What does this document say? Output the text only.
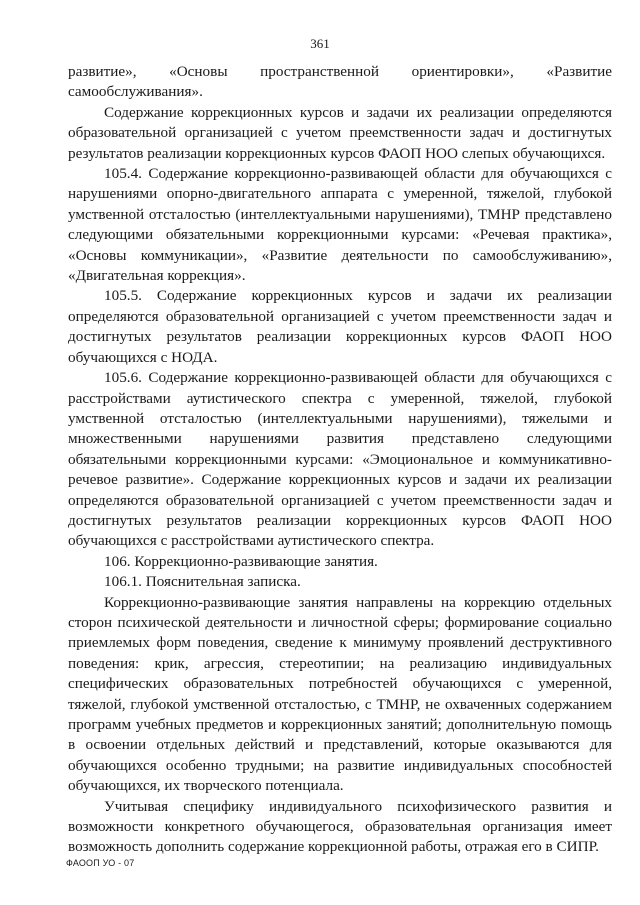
361

развитие», «Основы пространственной ориентировки», «Развитие самообслуживания».

Содержание коррекционных курсов и задачи их реализации определяются образовательной организацией с учетом преемственности задач и достигнутых результатов реализации коррекционных курсов ФАОП НОО слепых обучающихся.

105.4. Содержание коррекционно-развивающей области для обучающихся с нарушениями опорно-двигательного аппарата с умеренной, тяжелой, глубокой умственной отсталостью (интеллектуальными нарушениями), ТМНР представлено следующими обязательными коррекционными курсами: «Речевая практика», «Основы коммуникации», «Развитие деятельности по самообслуживанию», «Двигательная коррекция».

105.5. Содержание коррекционных курсов и задачи их реализации определяются образовательной организацией с учетом преемственности задач и достигнутых результатов реализации коррекционных курсов ФАОП НОО обучающихся с НОДА.

105.6. Содержание коррекционно-развивающей области для обучающихся с расстройствами аутистического спектра с умеренной, тяжелой, глубокой умственной отсталостью (интеллектуальными нарушениями), тяжелыми и множественными нарушениями развития представлено следующими обязательными коррекционными курсами: «Эмоциональное и коммуникативно-речевое развитие». Содержание коррекционных курсов и задачи их реализации определяются образовательной организацией с учетом преемственности задач и достигнутых результатов реализации коррекционных курсов ФАОП НОО обучающихся с расстройствами аутистического спектра.

106. Коррекционно-развивающие занятия.

106.1. Пояснительная записка.

Коррекционно-развивающие занятия направлены на коррекцию отдельных сторон психической деятельности и личностной сферы; формирование социально приемлемых форм поведения, сведение к минимуму проявлений деструктивного поведения: крик, агрессия, стереотипии; на реализацию индивидуальных специфических образовательных потребностей обучающихся с умеренной, тяжелой, глубокой умственной отсталостью, с ТМНР, не охваченных содержанием программ учебных предметов и коррекционных занятий; дополнительную помощь в освоении отдельных действий и представлений, которые оказываются для обучающихся особенно трудными; на развитие индивидуальных способностей обучающихся, их творческого потенциала.

Учитывая специфику индивидуального психофизического развития и возможности конкретного обучающегося, образовательная организация имеет возможность дополнить содержание коррекционной работы, отражая его в СИПР.

ФАООП УО - 07
